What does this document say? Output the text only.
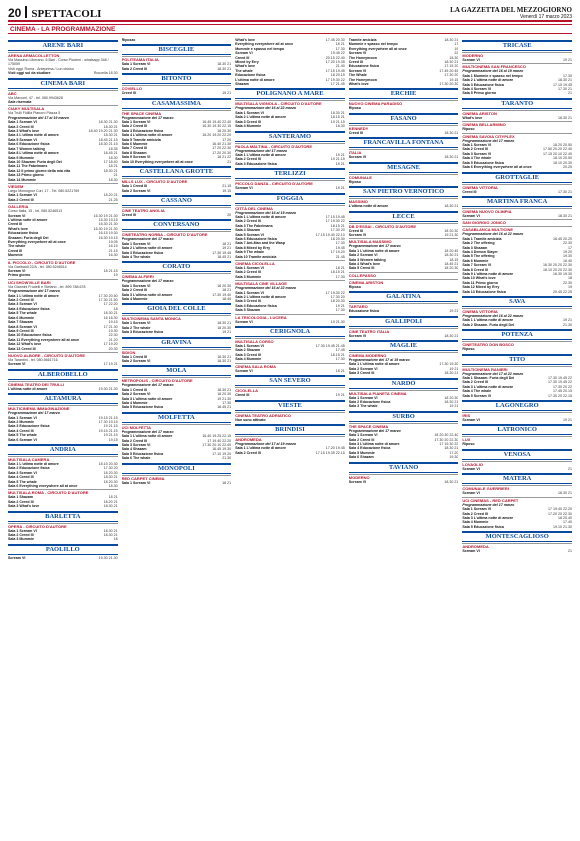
20 SPETTACOLI	LA GAZZETTA DEL MEZZOGIORNO
Venerdì 17 marzo 2023
CINEMA - LA PROGRAMMAZIONE
ARENE BARI
ARENA ARMACOLLETTON
Via Massimo Liberano, 6 Bari - Corso Piccinni - whatsapp 348 / 175059
Visti oggi: Roma - Anteprima / Lun chiuso
Visti oggi sul da studiare	Roccella 18.30
CINEMA BARI
ABC
Via Marconi, 47 - tel. 080.9943628
Sala riservata
CIAKY MULTISALA
Via Trulli Fidilla Pianoro Piazza 5
Programmazione del 17 al 19 marzo
Sala 1 Scream VI	18.30 21.30
Sala 2 Creed III	18.30 21
Sala 3 What's love	18.40 19.20 21.30
Sala 4 L'ultima notte di amore	18.30 21
Sala 5 Scream VI	18.45 21.15
Sala 6 Educazione fisica	18.30 21.15
Sala 7 Women talking	18.35
Sala 8 L'ultima notte di amore	18.45 21
Sala 9 Mummie	18.30
Sala 10 Shazam: Furia degli Dei	17 18.40
Sala 11 The Fabelmans	18 21
Sala 12 Il primo giorno della mia vita	18.30 21
Sala 13 Primo giorno	21
Sala 14 Mummie	18.30
VIEDEM
Largo Monsignor Curi, 17 - Tel. 080.5221769
Sala 1 Scream VI	18.20 21
Sala 2 Creed III	21.25
GALLERIA
Corso Italia, 15 - tel. 080.5246513
Scream VI	16.30 19 21.30
L'ultima notte di amore	15.30 19.15
Creed III	16.30 21.30
What's love	16.30 19 21.30
Educazione fisica	16.15 19.30
Shazam: Furia degli Dei	16.30 19.15
Everything everywhere all at once	19.05
The whale	16.15
Creed III	21.15
Mummie	16.30
IL PICCOLO - CIRCUITO D'AUTORE
Via Garibaldi 22/A - tel. 080.5246514
Scream VI	18 21.15
Primo giorno	19
UCI SHOWVILLE BARI
Via Giannini Frudelli e Stefano - tel. 899.788.678
Programmazione del 17 marzo
Sala 1 L'ultima notte di amore	17.30 20.50
Sala 2 Creed III	17.30 21.50
Sala 3 Scream VI	17 22.20
Sala 4 Educazione fisica	18
Sala 5 The whale	18.30 21
Sala 6 Mummie	16 18.30
Sala 7 Shazam	19.15
Sala 8 Scream VI	17 21.30
Sala 9 Creed III	19.30
Sala 10 Educazione fisica	22.30
Sala 11 Everything everywhere all at once	21.20
Sala 12 What's love	17 19.20
Sala 13 Creed III	20.30
NUOVO ALBORE - CIRCUITO D'AUTORE
Via Tarantini - tel. 080.5661716
Scream VI	17 19 21
ALBEROBELLO
CINEMA TEATRO DEI TRULLI
L'ultima notte di amore	19.30 21.30
ALTAMURA
MULTICINEMA IMMAGINAZIONE
Programmazione del 17 marzo
Sala 1 Scream VI	19.15 21.15
Sala 2 Mummie	17.30 19.15
Sala 3 Educazione fisica	19 21.15
Sala 4 Creed III	19.15 21.15
Sala 5 The whale	19 21.15
Sala 6 Scream VI	19.15
ANDRIA
MULTISALA CAMERA
Sala 1 L'ultima notte di amore	18.15 20.30
Sala 2 Educazione fisica	17.30 20
Sala 3 Scream VI	18 20.30
Sala 4 Creed III	18.30 21
Sala 5 The whale	18 20.30
Sala 6 Everything everywhere all at once	18.30
MULTISALA ROMA - CIRCUITO D'AUTORE
Sala 1 Shazam	18 21
Sala 2 Creed III	18.20 21
Sala 3 What's love	18.30 21
BARLETTA
OPERA - CIRCUITO D'AUTORE
Sala 1 Scream VI	18.30 21
Sala 2 Creed III	18.30 21
Sala 3 Mummie	18
PAOLILLO
Scream VI	19.30 21.30
Ripozzo
BISCEGLIE
POLITEAMA ITALIA
Sala 1 Scream VI	18.30 21
Sala 2 Creed III	18.30 21
BITONTO
COVIELLO
Creed III	19 21
CASAMASSIMA
THE SPACE CINEMA
Programmazione del 17 marzo
Sala 1 Scream VI	16.45 19.40 22.40
Sala 2 Creed III	16.30 19.30 22.15
Sala 3 Educazione fisica	18 20.30
Sala 4 L'ultima notte di amore	16.20 19.20 22.20
Sala 5 Tramite amicizia	17 20
Sala 6 Mummie	16.40 21.30
Sala 7 Creed III	17 20 22.30
Sala 8 Shazam	17.20 20.30
Sala 9 Scream VI	18 21 22
Sala 10 Everything everywhere all at once	21
CASTELLANA GROTTE
MILLS LUX - CIRCUITO D'AUTORE
Sala 1 Creed III	21.15
Sala 2 Scream VI	19.15
CASSANO
CINE TEATRO ANGLIA
Creed III	20
CONVERSANO
CINETEATRO NORBA - CIRCUITO D'AUTORE
Programmazione del 17 marzo
Sala 1 Scream VI	18 21
Sala 2 L'ultima notte di amore	19 21
Sala 3 Educazione fisica	17.30 19.45
Sala 4 The whale	18.45 21
CORATO
CINEMA ALFIERI
Programmazione del 17 marzo
Sala 1 Scream VI	18 20.30
Sala 2 Creed III	18 21
Sala 3 L'ultima notte di amore	17.30 19.40
Sala 4 Mummie	18.40
GIOIA DEL COLLE
MULTICINEMA SANTA MONICA
Sala 1 Scream VI	18.30 21
Sala 2 The whale	18 20.30
Sala 3 Educazione fisica	19 21
GRAVINA
SIDION
Sala 1 Creed III	18.30 21
Sala 2 Scream VI	18.30 21
MOLA
METROPOLIS - CIRCUITO D'AUTORE
Programmazione del 17 marzo
Sala 1 Creed III	18.30 21
Sala 2 Scream VI	18 20.30
Sala 3 L'ultima notte di amore	19 21.30
Sala 4 Mummie	17.30
Sala 5 Educazione fisica	18.45 21
MOLFETTA
UCI MOLFETTA
Programmazione del 17 marzo
Sala 1 L'ultima notte di amore	16.40 19.25 22.15
Sala 2 Creed III	17 19.40 22.20
Sala 3 Scream VI	17.30 20.10 22.40
Sala 4 Shazam	16.45 19.30
Sala 5 Educazione fisica	17.10 19.20
Sala 6 The whale	21.30
MONOPOLI
RED CARPET CINEMA
Sala 1 Scream VI	18 21
What's love	17.45 20.30
Everything everywhere all at once	18 21
Mummie e spasso nel tempo	17.30
Scream VI	19.45 22
Creed III	20.15 22.40
Mixed by Erry	17.20 19.35
What's love	21.40
The whale	17.15 19.45
Educazione fisica	18 20.15
L'ultima notte di amore	17 19.30 22
Shazam	17 21.45
POLIGNANO A MARE
MULTISALA VIGNOLA - CIRCUITO D'AUTORE
Programmazione del 16 al 22 marzo
Sala 1 Scream VI	18.30 21
Sala 2 L'ultima notte di amore	18.15 21
Sala 3 Creed III	19 21.15
Sala 4 Mummie	18.30
SANTERAMO
PAOLA MALTINA - CIRCUITO D'AUTORE
Programmazione del 17 marzo
Sala 1 L'ultima notte di amore	19 21
Sala 2 Creed III	19 21.15
Sala 3 Educazione fisica	19 21
TERLIZZI
PICCOLO DANZA - CIRCUITO D'AUTORE
Scream VI	19 21
FOGGIA
CITTÀ DEL CINEMA
Programmazione del 16 al 19 marzo
Sala 1 L'ultima notte di amore	17.15 19.45
Sala 2 Creed III	17 19.30 22
Sala 3 The Fabelmans	18.15 21
Sala 4 Shazam	17.30 20
Sala 5 Scream VI	17.15 19.40 22.10
Sala 6 Educazione fisica	18 20.30
Sala 7 Ant-Man and the Wasp	17.30
Sala 8 Mixed by Erry	19.45
Sala 9 The whale	17 19.20
Sala 10 Tramite amicizia	21.45
CINEMA CICOLELLA
Sala 1 Scream VI	18 21
Sala 2 Creed III	18.15 21
Sala 3 Mummie	17.30
MULTISALA CINE VILLAGE
Programmazione del 16 al 22 marzo
Sala 1 Scream VI	17 19.30 22
Sala 2 L'ultima notte di amore	17.30 20
Sala 3 Creed III	18 20.30
Sala 4 Educazione fisica	19 21
Sala 5 Shazam	17.30
LA TRICOLOGIA - LUCERA
Scream VI	19 21.30
CERIGNOLA
MULTISALA CORSO
Sala 1 Scream VI	17.30 19.45 21.45
Sala 2 Shazam	17.45
Sala 3 Creed III	18.15 21
Sala 4 Mummie	17.30
CINEMA SALA ROMA
Scream VI	18 21
SAN SEVERO
CICOLELLA
Creed III	19 21
VIESTE
CINEMA TEATRO ADRIATICO
Non sono attivato
BRINDISI
ANDROMEDA
Programmazione del 17 al 19 marzo
Sala 1 L'ultima notte di amore	17.20 19.45
Sala 2 Creed III	17.15 19.35 22.15
Tramite amicizia	18.30 21
Mummie e spasso nel tempo	17
Everything everywhere all at once	19
Scream VI	22
The Honeymoon	18.30
Creed III	18.30 21
Educazione fisica	17.15 20
Scream VI	17.45 20.45
The Whale	17.30 20
The Honeymoon	19.15
What's love	17.30 20.30
ERCHIE
NUOVO CINEMA PARADISO
Riposo
FASANO
KENNEDY
Creed III	18.30 21
FRANCAVILLA FONTANA
ITALIA
Scream VI	18.30 21
MESAGNE
COMUNALE
Riposo
SAN PIETRO VERNOTICO
MASSIMO
L'ultima notte di amore	18.30 21
LECCE
DB D'ESSAI - CIRCUITO D'AUTORE
Creed III	18 20.30
Scream VI	19 21.30
MULTISALA MASSIMO
Programmazione del 17 marzo
Sala 1 L'ultima notte di amore	18 20.45
Sala 2 Scream VI	18.30 21
Sala 3 Women talking	18.15
Sala 4 What's love	18.45 21
Sala 5 Creed III	18 20.30
COLLEPASSO
CINEMA ARISTON
Riposo
GALATINA
TARTARO
Educazione fisica	19 21
GALLIPOLI
CINE TEATRO ITALIA
Scream VI	18.30 21
MAGLIE
CINEMA MODERNO
Programmazione del 17 al 19 marzo
Sala 1 L'ultima notte di amore	17.30 19.30
Sala 2 Scream VI	19 21
Sala 3 Creed III	18.30 21
NARDÒ
MULTISALA PIANETA CINEMA
Sala 1 Scream VI	18 20.30
Sala 2 Educazione fisica	18.30 21
Sala 3 The whale	19 21
SURBO
THE SPACE CINEMA
Programmazione del 17 marzo
Sala 1 Scream VI	18 20.30 22.40
Sala 2 Creed III	17.30 20 22.30
Sala 3 L'ultima notte di amore	17 19.30 22
Sala 4 Educazione fisica	18.30 21
Sala 5 Mummie	17.20
Sala 6 Shazam	19.30
TAVIANO
MODERNO
Scream VI	18.30 21
TRICASE
MODERNO
Scream VI	19 21
MULTICINEMA SAN FRANCESCO
Programmazione del 16 al 19 marzo
Sala 1 Mummie e spasso nel tempo	17.30
Sala 2 L'ultima notte di amore	18.30 21
Sala 3 Educazione fisica	17.15 19.45
Sala 4 Scream VI	17.30 21
Sala 5 Primo giorno	21
TARANTO
CINEMA ARISTON
What's love	18.30 21
CINEMA BELLARMINO
Riposo
CINEMA SAVOIA CITYPLEX
Programmazione del 17 marzo
Sala 1 Scream VI	18.20 20.50
Sala 2 Creed III	17.50 20.20 22.40
Sala 3 Scream VI	17.15 20.10 22.40
Sala 4 The whale	18.10 20.50
Sala 5 Educazione fisica	18.10 20.30
Sala 6 Everything everywhere all at once	20.25
GROTTAGLIE
CINEMA VITTORIA
Creed III	17.30 21
MARTINA FRANCA
CINEMA NUOVO OLIMPIA
Scream VI	18.30 21
SAN GIORGIO JONICO
CASABLANCA MULTICINE
Programmazione del 16 al 22 marzo
Sala 1 Tramite amicizia	16.45 20.20
Sala 2 The offering	22.30
Sala 3 Shazam	17
Sala 4 Demon Slayer	19.20
Sala 5 The offering	19.30
Sala 6 Mummie	16.40
Sala 7 Scream VI	16.30 20.20 22.30
Sala 8 Creed III	18.10 20.20 22.30
Sala 9 L'ultima notte di amore	16.30 19.30
Sala 10 What's love	18
Sala 11 Primo giorno	22.30
Sala 12 Mixed by Erry	19
Sala 13 Educazione fisica	20.45 22.25
SAVA
CINEMA VITTORIA
Programmazione del 16 al 22 marzo
Sala 1 L'ultima notte di amore	19 21
Sala 2 Shazam. Furia degli Dei	21.30
POTENZA
CINETEATRO DON BOSCO
Riposo
TITO
MULTICINEMA RANIERI
Programmazione del 17 al 22 marzo
Sala 1 Shazam: Furia degli Dei	17.30 19.45 22
Sala 2 Creed III	17.30 19.45 22
Sala 3 L'ultima notte di amore	17.30 20 22
Sala 4 The whale	17.45 20.15
Sala 5 Scream VI	17.30 20 22.15
LAGONEGRO
IRIS
Scream VI	19 21
LATRONICO
LUX
Riposo
VENOSA
LOVAGLIO
Scream VI	21
MATERA
COMUNALE GUERRIERI
Scream VI	18.30 21
UCI CINEMAS - RED CARPET
Programmazione del 17 marzo
Sala 1 Scream VI	17 19.40 22.20
Sala 2 Creed III	17.20 20 22.30
Sala 3 L'ultima notte di amore	18 20.40
Sala 4 Mummie	17.40
Sala 5 Educazione fisica	19.10 21.30
MONTESCAGLIOSO
ANDROMEDA
Scream VI	21
